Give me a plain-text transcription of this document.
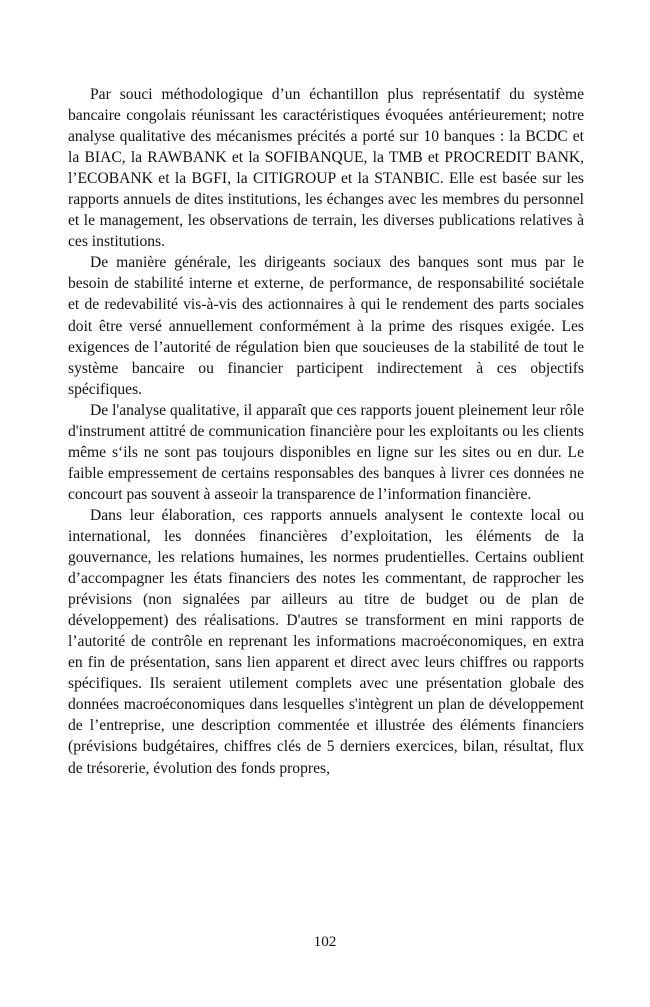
Par souci méthodologique d’un échantillon plus représentatif du système bancaire congolais réunissant les caractéristiques évoquées antérieurement; notre analyse qualitative des mécanismes précités a porté sur 10 banques : la BCDC et la BIAC, la RAWBANK et la SOFIBANQUE, la TMB et PROCREDIT BANK, l’ECOBANK et la BGFI, la CITIGROUP et la STANBIC. Elle est basée sur les rapports annuels de dites institutions, les échanges avec les membres du personnel et le management, les observations de terrain, les diverses publications relatives à ces institutions.

De manière générale, les dirigeants sociaux des banques sont mus par le besoin de stabilité interne et externe, de performance, de responsabilité sociétale et de redevabilité vis-à-vis des actionnaires à qui le rendement des parts sociales doit être versé annuellement conformément à la prime des risques exigée. Les exigences de l’autorité de régulation bien que soucieuses de la stabilité de tout le système bancaire ou financier participent indirectement à ces objectifs spécifiques.

De l'analyse qualitative, il apparaît que ces rapports jouent pleinement leur rôle d'instrument attitré de communication financière pour les exploitants ou les clients même s‘ils ne sont pas toujours disponibles en ligne sur les sites ou en dur. Le faible empressement de certains responsables des banques à livrer ces données ne concourt pas souvent à asseoir la transparence de l’information financière.

Dans leur élaboration, ces rapports annuels analysent le contexte local ou international, les données financières d’exploitation, les éléments de la gouvernance, les relations humaines, les normes prudentielles. Certains oublient d’accompagner les états financiers des notes les commentant, de rapprocher les prévisions (non signalées par ailleurs au titre de budget ou de plan de développement) des réalisations. D'autres se transforment en mini rapports de l’autorité de contrôle en reprenant les informations macroéconomiques, en extra en fin de présentation, sans lien apparent et direct avec leurs chiffres ou rapports spécifiques. Ils seraient utilement complets avec une présentation globale des données macroéconomiques dans lesquelles s'intègrent un plan de développement de l’entreprise, une description commentée et illustrée des éléments financiers (prévisions budgétaires, chiffres clés de 5 derniers exercices, bilan, résultat, flux de trésorerie, évolution des fonds propres,

102
